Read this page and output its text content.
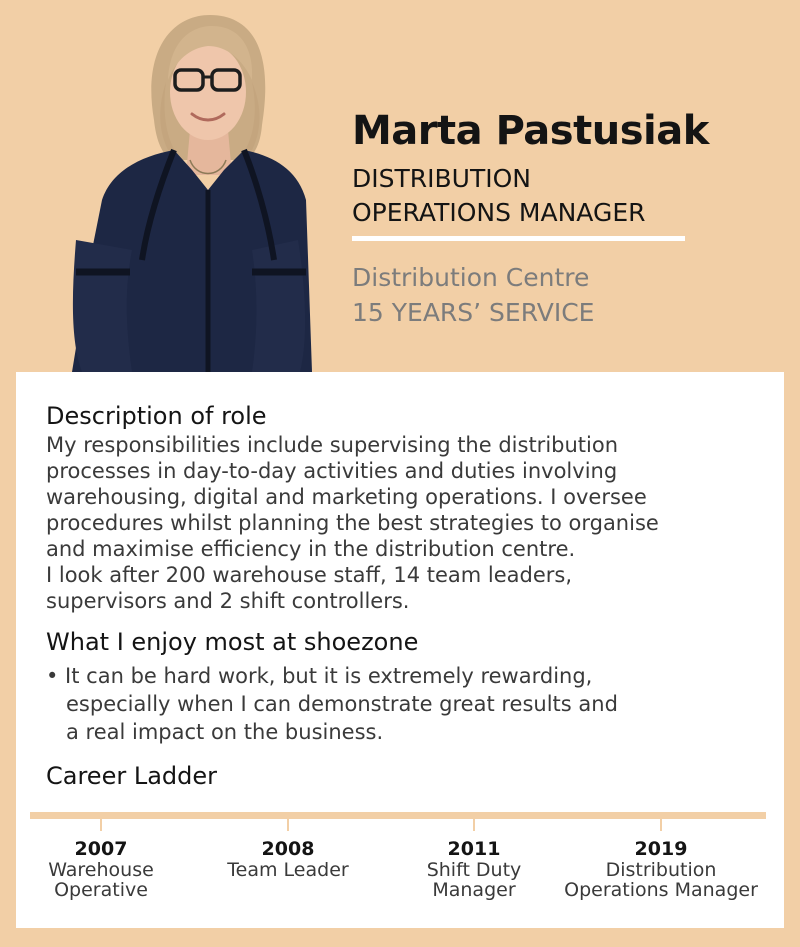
Marta Pastusiak
DISTRIBUTION
OPERATIONS MANAGER
Distribution Centre
15 YEARS’ SERVICE
Description of role
My responsibilities include supervising the distribution
processes in day-to-day activities and duties involving
warehousing, digital and marketing operations. I oversee
procedures whilst planning the best strategies to organise
and maximise efficiency in the distribution centre.
I look after 200 warehouse staff, 14 team leaders,
supervisors and 2 shift controllers.
What I enjoy most at shoezone
• It can be hard work, but it is extremely rewarding,
especially when I can demonstrate great results and
a real impact on the business.
Career Ladder
2007
Warehouse
Operative
2008
Team Leader
2011
Shift Duty
Manager
2019
Distribution
Operations Manager
